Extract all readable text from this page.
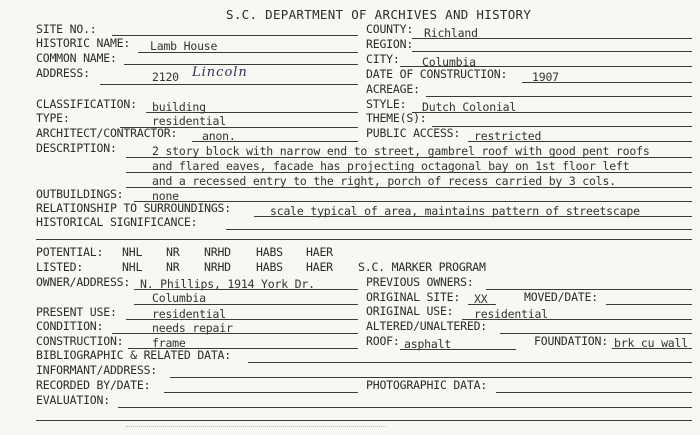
S.C. DEPARTMENT OF ARCHIVES AND HISTORY
SITE NO.:
HISTORIC NAME: Lamb House
COMMON NAME:
ADDRESS:	2120 Lincoln
COUNTY: Richland
REGION:
CITY: Columbia
DATE OF CONSTRUCTION: 1907
ACREAGE:
CLASSIFICATION: building
TYPE:	residential
ARCHITECT/CONTRACTOR: anon.
STYLE: Dutch Colonial
THEME(S):
PUBLIC ACCESS: restricted
DESCRIPTION:	2 story block with narrow end to street, gambrel roof with good pent roofs
and flared eaves, facade has projecting octagonal bay on 1st floor left
and a recessed entry to the right, porch of recess carried by 3 cols.
OUTBUILDINGS: none
RELATIONSHIP TO SURROUNDINGS:	scale typical of area, maintains pattern of streetscape
HISTORICAL SIGNIFICANCE:
POTENTIAL: NHL NR NRHD HABS HAER
LISTED:	NHL NR NRHD HABS HAER S.C. MARKER PROGRAM
OWNER/ADDRESS: N. Phillips, 1914 York Dr.
Columbia
PREVIOUS OWNERS:
ORIGINAL SITE: XX	MOVED/DATE:
ORIGINAL USE: residential
PRESENT USE:	residential
CONDITION:	needs repair	ALTERED/UNALTERED:
CONSTRUCTION: frame	ROOF: asphalt	FOUNDATION: brk cu wall
BIBLIOGRAPHIC & RELATED DATA:
INFORMANT/ADDRESS:
RECORDED BY/DATE:	PHOTOGRAPHIC DATA:
EVALUATION:
